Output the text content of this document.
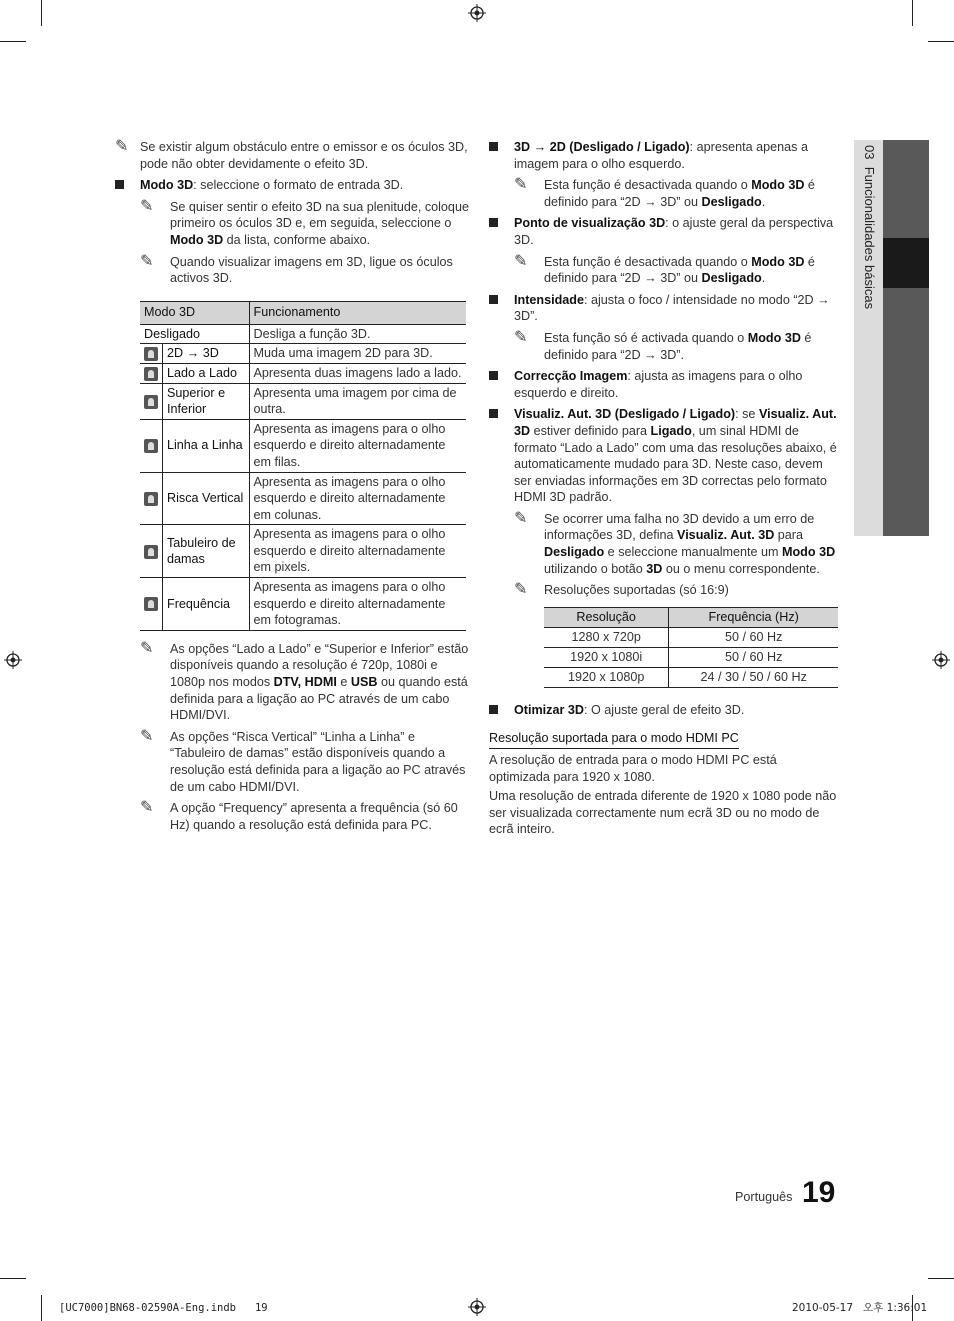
03  Funcionalidades básicas
✎ Se existir algum obstáculo entre o emissor e os óculos 3D, pode não obter devidamente o efeito 3D.
Modo 3D: seleccione o formato de entrada 3D.
✎ Se quiser sentir o efeito 3D na sua plenitude, coloque primeiro os óculos 3D e, em seguida, seleccione o Modo 3D da lista, conforme abaixo.
✎ Quando visualizar imagens em 3D, ligue os óculos activos 3D.
Modo 3D		Funcionamento
Desligado		Desliga a função 3D.
	2D → 3D	Muda uma imagem 2D para 3D.
	Lado a Lado	Apresenta duas imagens lado a lado.
	Superior e Inferior	Apresenta uma imagem por cima de outra.
	Linha a Linha	Apresenta as imagens para o olho esquerdo e direito alternadamente em filas.
	Risca Vertical	Apresenta as imagens para o olho esquerdo e direito alternadamente em colunas.
	Tabuleiro de damas	Apresenta as imagens para o olho esquerdo e direito alternadamente em pixels.
	Frequência	Apresenta as imagens para o olho esquerdo e direito alternadamente em fotogramas.
✎ As opções “Lado a Lado” e “Superior e Inferior” estão disponíveis quando a resolução é 720p, 1080i e 1080p nos modos DTV, HDMI e USB ou quando está definida para a ligação ao PC através de um cabo HDMI/DVI.
✎ As opções “Risca Vertical” “Linha a Linha” e “Tabuleiro de damas” estão disponíveis quando a resolução está definida para a ligação ao PC através de um cabo HDMI/DVI.
✎ A opção “Frequency” apresenta a frequência (só 60 Hz) quando a resolução está definida para PC.
3D → 2D (Desligado / Ligado): apresenta apenas a imagem para o olho esquerdo.
✎ Esta função é desactivada quando o Modo 3D é definido para “2D → 3D” ou Desligado.
Ponto de visualização 3D: o ajuste geral da perspectiva 3D.
✎ Esta função é desactivada quando o Modo 3D é definido para “2D → 3D” ou Desligado.
Intensidade: ajusta o foco / intensidade no modo “2D → 3D”.
✎ Esta função só é activada quando o Modo 3D é definido para “2D → 3D”.
Correcção Imagem: ajusta as imagens para o olho esquerdo e direito.
Visualiz. Aut. 3D (Desligado / Ligado): se Visualiz. Aut. 3D estiver definido para Ligado, um sinal HDMI de formato “Lado a Lado” com uma das resoluções abaixo, é automaticamente mudado para 3D. Neste caso, devem ser enviadas informações em 3D correctas pelo formato HDMI 3D padrão.
✎ Se ocorrer uma falha no 3D devido a um erro de informações 3D, defina Visualiz. Aut. 3D para Desligado e seleccione manualmente um Modo 3D utilizando o botão 3D ou o menu correspondente.
✎ Resoluções suportadas (só 16:9)
Resolução	Frequência (Hz)
1280 x 720p	50 / 60 Hz
1920 x 1080i	50 / 60 Hz
1920 x 1080p	24 / 30 / 50 / 60 Hz
Otimizar 3D: O ajuste geral de efeito 3D.
Resolução suportada para o modo HDMI PC

A resolução de entrada para o modo HDMI PC está optimizada para 1920 x 1080.

Uma resolução de entrada diferente de 1920 x 1080 pode não ser visualizada correctamente num ecrã 3D ou no modo de ecrã inteiro.

Português 19
[UC7000]BN68-02590A-Eng.indb   19	2010-05-17   오후 1:36:01
